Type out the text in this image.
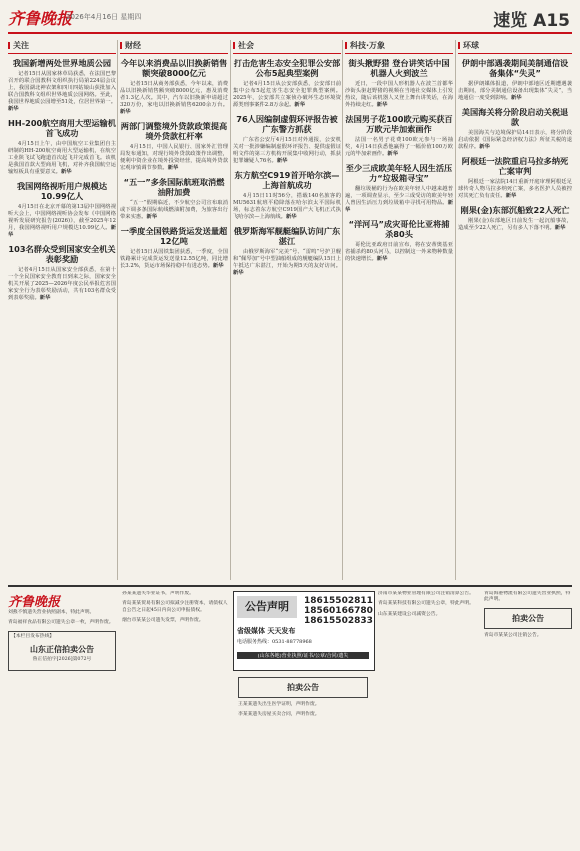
齐鲁晚报
2026年4月16日 星期四	速览 A15
关注
我国新增两处世界地质公园

记者15日从国家林草局获悉，在法国巴黎召开的联合国教科文组织执行局第224届会议上，我国湖北神农架和四川四姑娘山获批加入联合国教科文组织世界地质公园网络。至此，我国世界地质公园增至51处，位居世界第一。新华

HH-200航空商用大型运输机首飞成功

4月15日上午，由中国航空工业集团自主研制的HH-200航空商用大型运输机，在航空工业陕飞试飞跑道首次起飞并完成首飞。该机是我国首款大型商用飞机，对补齐我国航空运输短板具有重要意义。新华

我国网络视听用户规模达10.99亿人

4月15日在北京开幕的第13届中国网络视听大会上，中国网络视听协会发布《中国网络视听发展研究报告(2026)》，截至2025年12月，我国网络视听用户规模达10.99亿人。新华

103名群众受到国家安全机关表彰奖励

记者4月15日从国家安全部获悉，在第十一个全民国家安全教育日到来之际，国家安全机关开展了2025—2026年度公民举报危害国家安全行为表彰奖励活动，共有103名群众受到表彰奖励。新华

财经
今年以来消费品以旧换新销售额突破8000亿元

记者15日从商务部获悉，今年以来，消费品以旧换新销售额突破8000亿元，惠及消费者1.3亿人次。其中，汽车以旧换新申请超过320万份，家电以旧换新销售6200余万台。新华

两部门调整境外贷款政策提高境外贷款杠杆率

4月15日，中国人民银行、国家外汇管理局发布通知，对现行境外贷款政策作出调整，便利中资企业在境外投资经营，提高境外贷款宏观审慎调节参数。新华

“五一”多条国际航班取消燃油附加费

“五一”假期临近，不少航空公司宣布取消或下调多条国际航线燃油附加费，为旅客出行带来实惠。新华

一季度全国铁路货运发送量超12亿吨

记者15日从国铁集团获悉，一季度，全国铁路累计完成货运发送量12.55亿吨，同比增长3.2%，货运市场保持稳中有进态势。新华

社会
打击危害生态安全犯罪公安部公布5起典型案例

记者4月15日从公安部获悉，公安部日前集中公布5起危害生态安全犯罪典型案例。2025年，公安部共立案侦办破坏生态环境资源类刑事案件2.8万余起。新华

76人因编制虚假环评报告被广东警方抓获

广东省公安厅4月15日对外通报，公安机关对一批涉嫌编制虚假环评报告、提供虚假证明文件的第三方机构开展集中收网行动，抓获犯罪嫌疑人76名。新华

东方航空C919首开哈尔滨—上海首航成功

4月15日11时56分，搭载140名旅客的MU5631航班平稳降落在哈尔滨太平国际机场，标志着东方航空C919国产大飞机正式执飞哈尔滨—上海航线。新华

俄罗斯海军舰艇编队访问广东湛江

由俄罗斯海军“完美”号、“雷鸣”号护卫舰和“佩琴加”号中型油船组成的舰艇编队15日上午抵达广东湛江，开始为期5天的友好访问。新华

科技·万象
街头揪野猎 登台讲笑话中国机器人火到波兰

近日，一段中国人形机器人在波兰首都华沙街头驱赶野猪的视频在当地社交媒体上引发热议，随后该机器人又登上舞台讲笑话，在海外持续走红。新华

法国男子花100欧元购买获百万欧元毕加索画作

法国一名男子花费100欧元参与一场抽奖，4月14日获悉他赢得了一幅价值100万欧元的毕加索画作。新华

至少三成欧美年轻人因生活压力“垃圾箱寻宝”

翻垃圾桶的行为在欧美年轻人中越来越普遍，一项调查显示，至少三成受访的欧美年轻人曾因生活压力到垃圾箱中寻找可用物品。新华

“洋河马”成灾哥伦比亚将捕杀80头

哥伦比亚政府日前宣布，将在安蒂奥基亚省捕杀约80头河马，以控制这一外来物种数量的快速增长。新华

环球
伊朗中部遇袭期间美制通信设备集体“失灵”

据伊朗媒体报道，伊朗中部地区近期遭遇袭击期间，部分美制通信设备出现集体“失灵”，当地通信一度受到影响。新华

美国海关将分阶段启动关税退款

美国海关与边境保护局14日表示，将分阶段启动依据《国际紧急经济权力法》所征关税的退款程序。新华

阿根廷一法院重启马拉多纳死亡案审判

阿根廷一家法院14日重新开庭审理阿根廷足球传奇人物马拉多纳死亡案，多名医护人员被控对其死亡负有责任。新华

刚果(金)东部沉船致22人死亡

刚果(金)东部地区日前发生一起沉船事故，造成至少22人死亡，另有多人下落不明。新华

齐鲁晚报
刘燕不慎遗失营业执照副本，特此声明。
青岛福祥食品有限公司遗失公章一枚，声明作废。
【本栏目发布热线】
山东正信拍卖公告
鲁正信拍字[2026]第072号
孙某某遗失毕业证书，声明作废。
青岛某某贸易有限公司拟减少注册资本，请债权人自公告之日起45日内向公司申报债权。
烟台市某某公司遗失发票，声明作废。
公告声明	18615502811
18560166780
18615502833
省级媒体 天天发布
电话服务热线：0531-88778968
(山东各地)营业执照/证书/公章/合同/遗失
拍卖公告
王某某遗失出生医学证明，声明作废。
李某某遗失房屋买卖合同，声明作废。
济南市某某物业管理有限公司注销清算公告。
青岛某某科技有限公司遗失公章，特此声明。
山东某某建设公司减资公告。
青岛海港物流有限公司遗失营业执照，特此声明。
拍卖公告
青岛市某某公司注销公告。
